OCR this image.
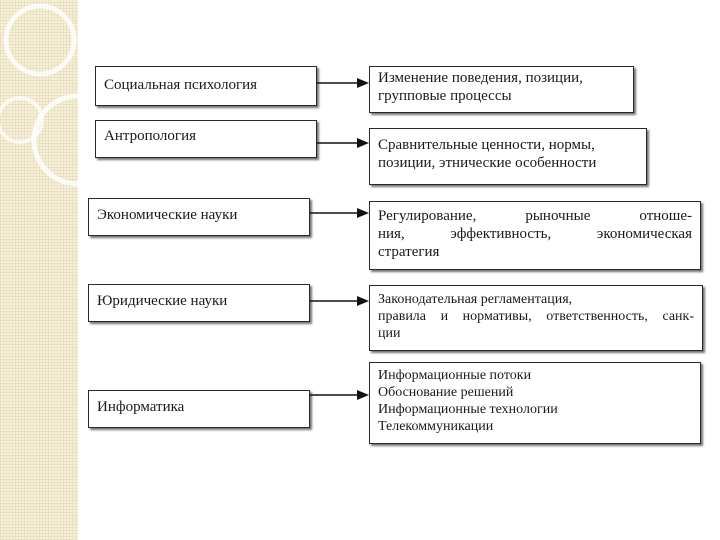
Социальная психология	Изменение поведения, позиции,
групповые процессы
Антропология
Сравнительные ценности, нормы,
позиции, этнические особенности
Экономические науки	Регулирование, рыночные отноше-
ния, эффективность, экономическая
стратегия
Юридические науки	Законодательная регламентация,
правила и нормативы, ответственность, санк-
ции
Информатика
Информационные потоки
Обоснование решений
Информационные технологии
Телекоммуникации
